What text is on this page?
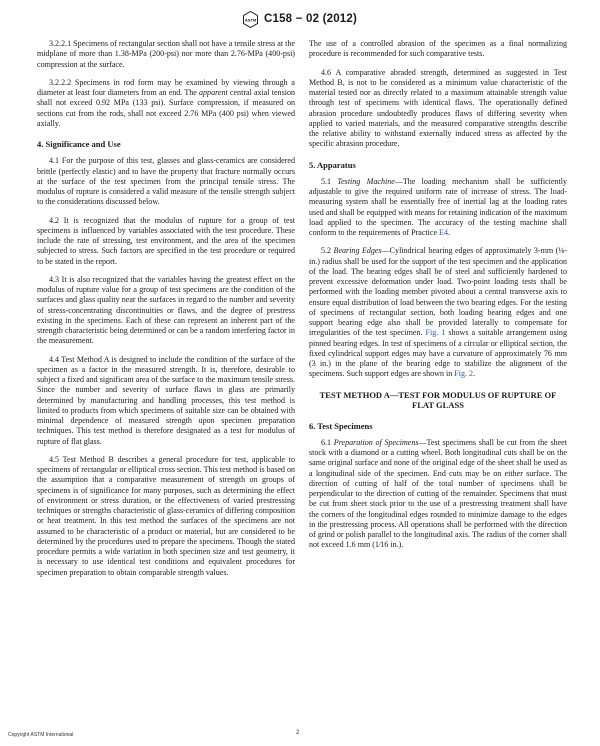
ASTM C158 − 02 (2012)

3.2.2.1 Specimens of rectangular section shall not have a tensile stress at the midplane of more than 1.38-MPa (200-psi) nor more than 2.76-MPa (400-psi) compression at the surface.

3.2.2.2 Specimens in rod form may be examined by viewing through a diameter at least four diameters from an end. The apparent central axial tension shall not exceed 0.92 MPa (133 psi). Surface compression, if measured on sections cut from the rods, shall not exceed 2.76 MPa (400 psi) when viewed axially.

4. Significance and Use

4.1 For the purpose of this test, glasses and glass-ceramics are considered brittle (perfectly elastic) and to have the property that fracture normally occurs at the surface of the test specimen from the principal tensile stress. The modulus of rupture is considered a valid measure of the tensile strength subject to the considerations discussed below.

4.2 It is recognized that the modulus of rupture for a group of test specimens is influenced by variables associated with the test procedure. These include the rate of stressing, test environment, and the area of the specimen subjected to stress. Such factors are specified in the test procedure or required to be stated in the report.

4.3 It is also recognized that the variables having the greatest effect on the modulus of rupture value for a group of test specimens are the condition of the surfaces and glass quality near the surfaces in regard to the number and severity of stress-concentrating discontinuities or flaws, and the degree of prestress existing in the specimens. Each of these can represent an inherent part of the strength characteristic being determined or can be a random interfering factor in the measurement.

4.4 Test Method A is designed to include the condition of the surface of the specimen as a factor in the measured strength. It is, therefore, desirable to subject a fixed and significant area of the surface to the maximum tensile stress. Since the number and severity of surface flaws in glass are primarily determined by manufacturing and handling processes, this test method is limited to products from which specimens of suitable size can be obtained with minimal dependence of measured strength upon specimen preparation techniques. This test method is therefore designated as a test for modulus of rupture of flat glass.

4.5 Test Method B describes a general procedure for test, applicable to specimens of rectangular or elliptical cross section. This test method is based on the assumption that a comparative measurement of strength on groups of specimens is of significance for many purposes, such as determining the effect of environment or stress duration, or the effectiveness of varied prestressing techniques or strengths characteristic of glass-ceramics of differing composition or heat treatment. In this test method the surfaces of the specimens are not assumed to be characteristic of a product or material, but are considered to be determined by the procedures used to prepare the specimens. Though the stated procedure permits a wide variation in both specimen size and test geometry, it is necessary to use identical test conditions and equivalent procedures for specimen preparation to obtain comparable strength values.

The use of a controlled abrasion of the specimen as a final normalizing procedure is recommended for such comparative tests.

4.6 A comparative abraded strength, determined as suggested in Test Method B, is not to be considered as a minimum value characteristic of the material tested nor as directly related to a maximum attainable strength value through test of specimens with identical flaws. The operationally defined abrasion procedure undoubtedly produces flaws of differing severity when applied to varied materials, and the measured comparative strengths describe the relative ability to withstand externally induced stress as affected by the specific abrasion procedure.

5. Apparatus

5.1 Testing Machine—The loading mechanism shall be sufficiently adjustable to give the required uniform rate of increase of stress. The load-measuring system shall be essentially free of inertial lag at the loading rates used and shall be equipped with means for retaining indication of the maximum load applied to the specimen. The accuracy of the testing machine shall conform to the requirements of Practice E4.

5.2 Bearing Edges—Cylindrical bearing edges of approximately 3-mm (⅛-in.) radius shall be used for the support of the test specimen and the application of the load. The bearing edges shall be of steel and sufficiently hardened to prevent excessive deformation under load. Two-point loading tests shall be performed with the loading member pivoted about a central transverse axis to ensure equal distribution of load between the two bearing edges. For the testing of specimens of rectangular section, both loading bearing edges and one support bearing edge also shall be provided laterally to compensate for irregularities of the test specimen. Fig. 1 shows a suitable arrangement using pinned bearing edges. In test of specimens of a circular or elliptical section, the fixed cylindrical support edges may have a curvature of approximately 76 mm (3 in.) in the plane of the bearing edge to stabilize the alignment of the specimens. Such support edges are shown in Fig. 2.

TEST METHOD A—TEST FOR MODULUS OF RUPTURE OF FLAT GLASS
6. Test Specimens

6.1 Preparation of Specimens—Test specimens shall be cut from the sheet stock with a diamond or a cutting wheel. Both longitudinal cuts shall be on the same original surface and none of the original edge of the sheet shall be used as a longitudinal side of the specimen. End cuts may be on either surface. The direction of cutting of half of the total number of specimens shall be perpendicular to the direction of cutting of the remainder. Specimens that must be cut from sheet stock prior to the use of a prestressing treatment shall have the corners of the longitudinal edges rounded to minimize damage to the edges in the prestressing process. All operations shall be performed with the direction of grind or polish parallel to the longitudinal axis. The radius of the corner shall not exceed 1.6 mm (1⁄16 in.).

Copyright ASTM International	2
